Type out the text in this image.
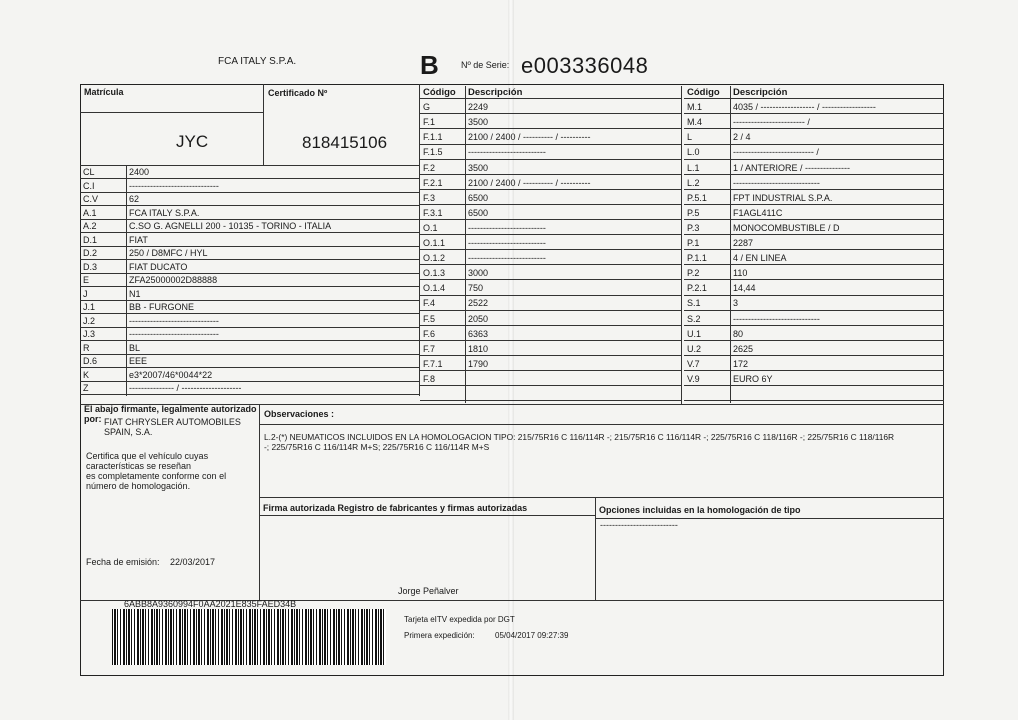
FCA ITALY S.P.A.	B Nº de Serie: e003336048
Matrícula	Certificado Nº
JYC	818415106
CL	2400
C.I	------------------------------
C.V	62
A.1	FCA ITALY S.P.A.
A.2	C.SO G. AGNELLI 200 - 10135 - TORINO - ITALIA
D.1	FIAT
D.2	250 / D8MFC / HYL
D.3	FIAT DUCATO
E	ZFA25000002D88888
J	N1
J.1	BB - FURGONE
J.2	------------------------------
J.3	------------------------------
R	BL
D.6	EEE
K	e3*2007/46*0044*22
Z	--------------- / --------------------
Código Descripción
G	2249
F.1	3500
F.1.1	2100 / 2400 / ---------- / ----------
F.1.5	--------------------------
F.2	3500
F.2.1	2100 / 2400 / ---------- / ----------
F.3	6500
F.3.1	6500
O.1	--------------------------
O.1.1	--------------------------
O.1.2	--------------------------
O.1.3	3000
O.1.4	750
F.4	2522
F.5	2050
F.6	6363
F.7	1810
F.7.1	1790
F.8
Código Descripción
M.1	4035 / ------------------ / ------------------
M.4	------------------------ /
L	2 / 4
L.0	--------------------------- /
L.1	1 / ANTERIORE / ---------------
L.2	-----------------------------
P.5.1	FPT INDUSTRIAL S.P.A.
P.5	F1AGL411C
P.3	MONOCOMBUSTIBLE / D
P.1	2287
P.1.1	4 / EN LINEA
P.2	110
P.2.1	14,44
S.1	3
S.2	-----------------------------
U.1	80
U.2	2625
V.7	172
V.9	EURO 6Y
El abajo firmante, legalmente autorizado por: FIAT CHRYSLER AUTOMOBILES
SPAIN, S.A.
Certifica que el vehículo cuyas
características se reseñan
es completamente conforme con el
número de homologación.
Fecha de emisión: 22/03/2017
Observaciones :
L.2-(*) NEUMATICOS INCLUIDOS EN LA HOMOLOGACION TIPO: 215/75R16 C 116/114R -; 215/75R16 C 116/114R -; 225/75R16 C 118/116R -; 225/75R16 C 118/116R
-; 225/75R16 C 116/114R M+S; 225/75R16 C 116/114R M+S
Firma autorizada Registro de fabricantes y firmas autorizadas
Jorge Peñalver
Opciones incluidas en la homologación de tipo
--------------------------
6ABB8A9360994F0AA2021E835FAED34B
Tarjeta eITV expedida por DGT
Primera expedición:	05/04/2017 09:27:39
